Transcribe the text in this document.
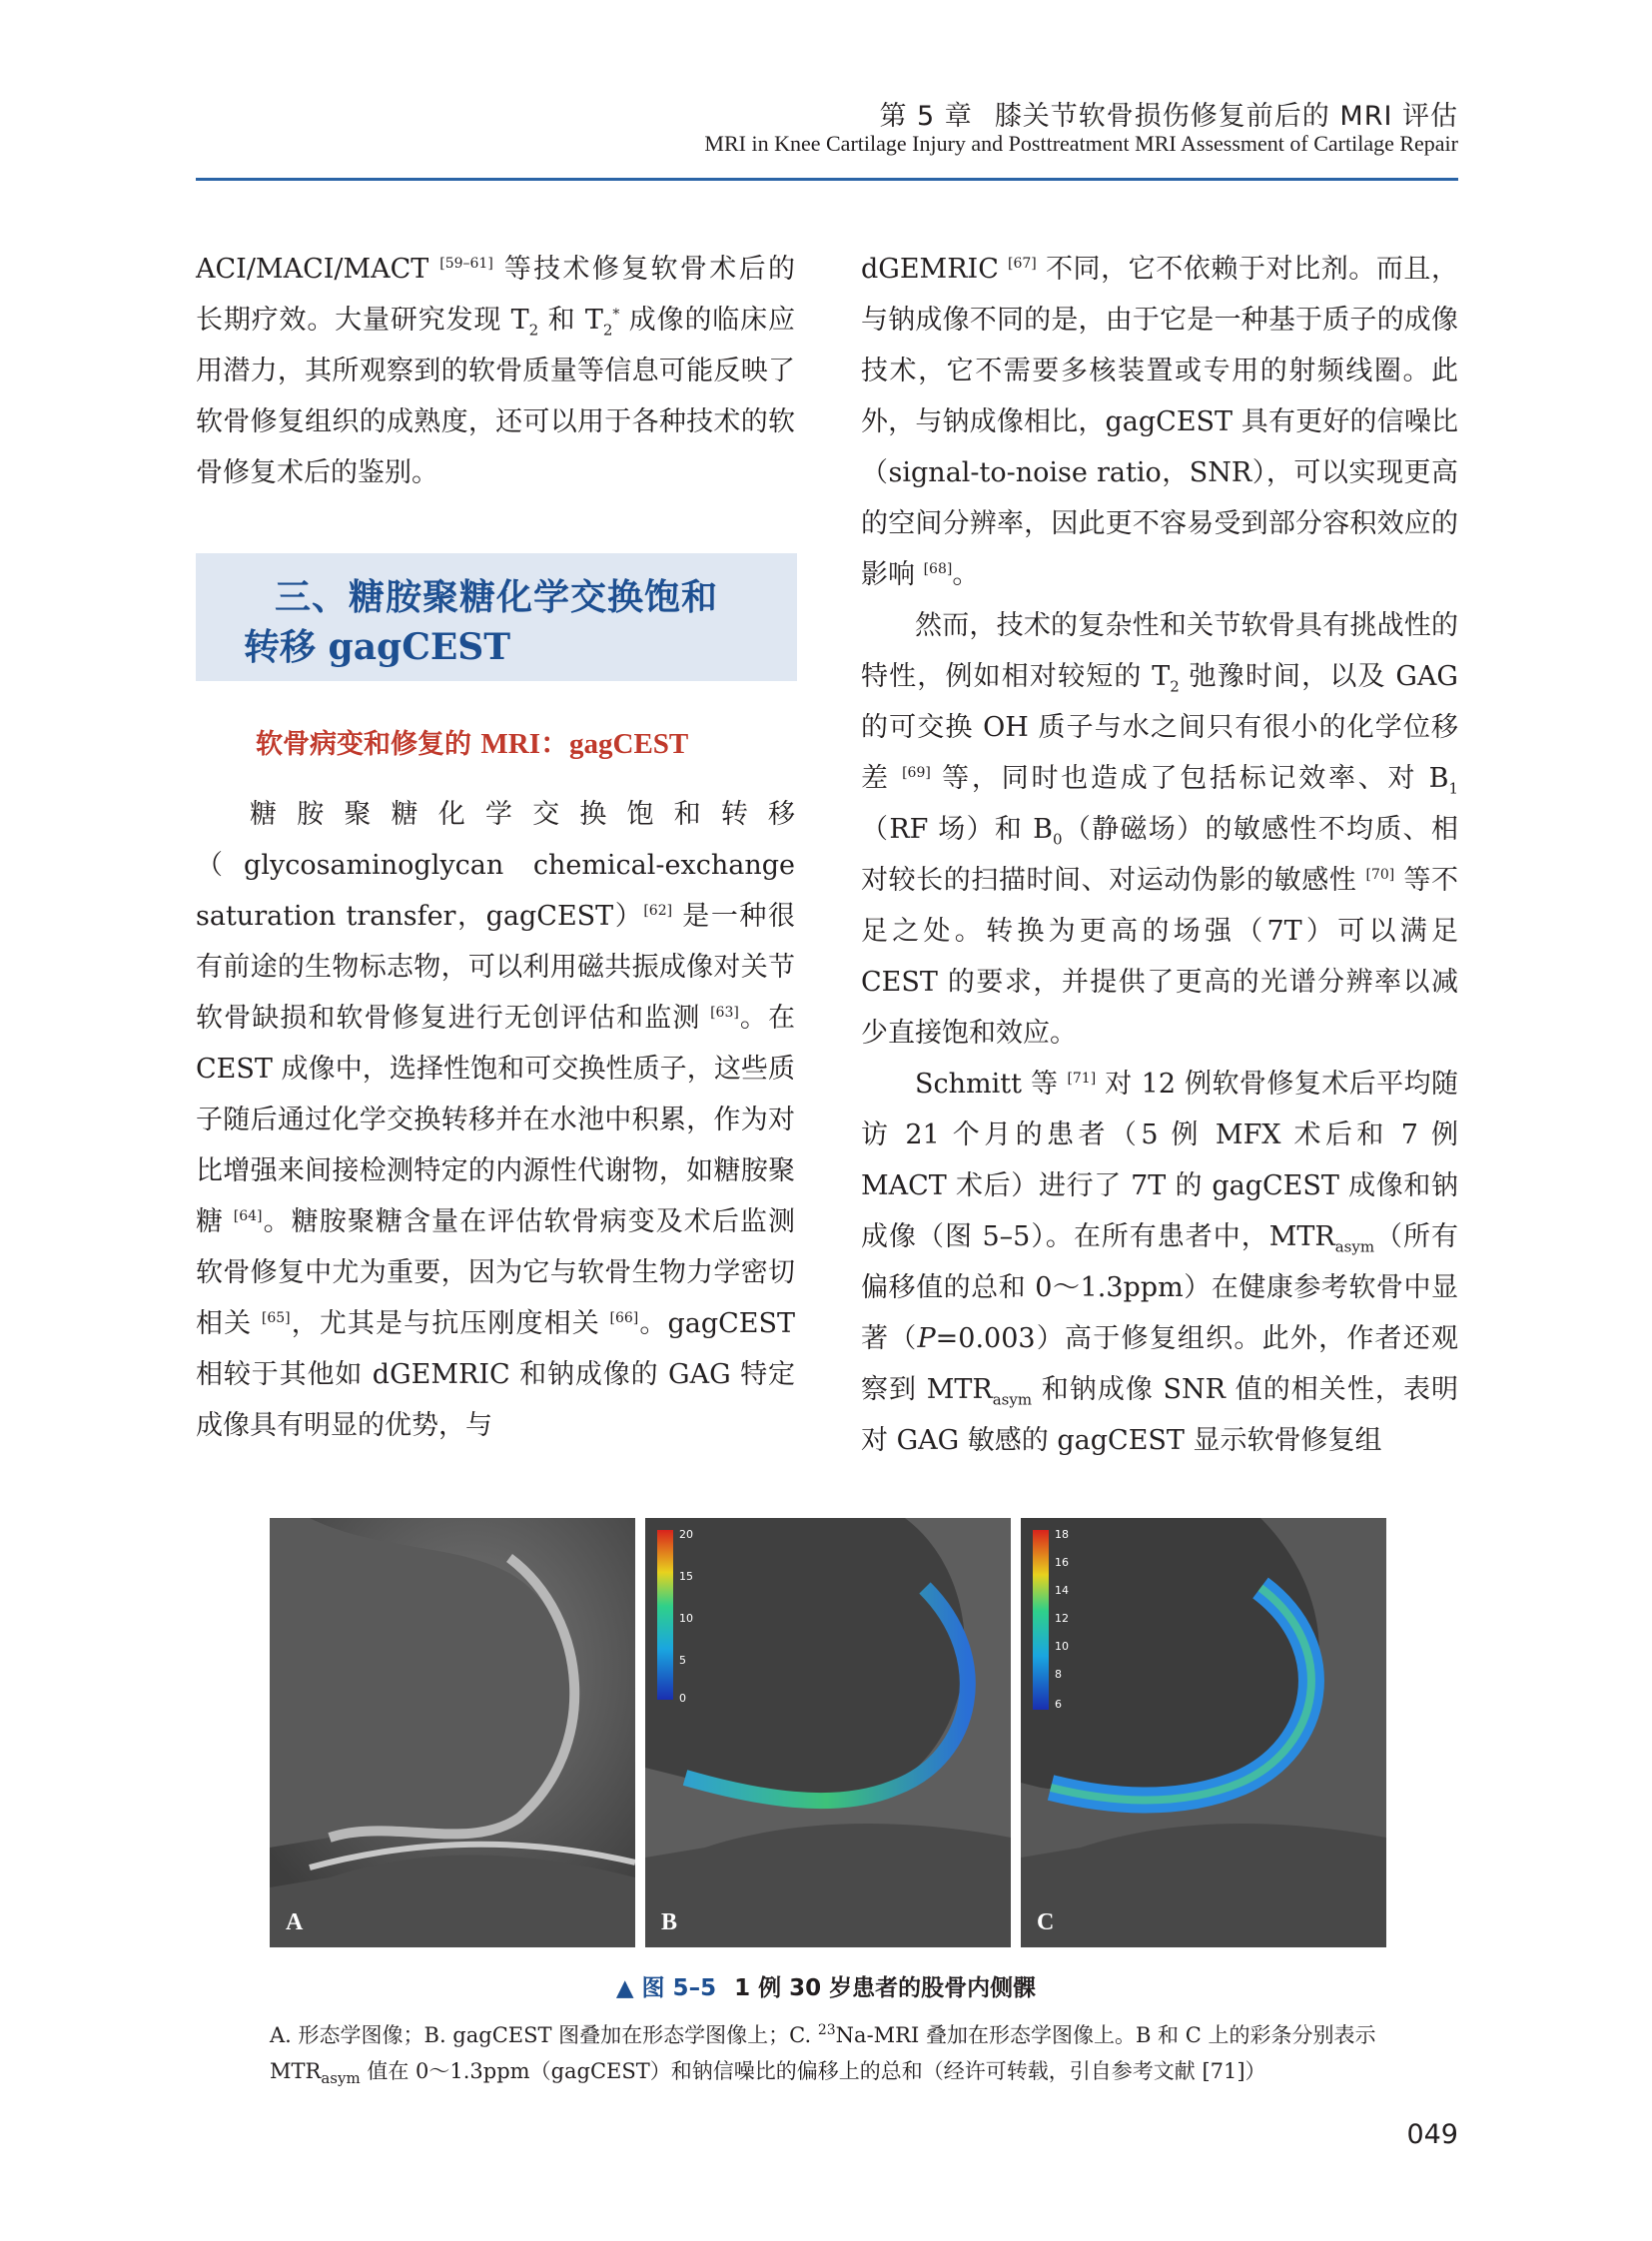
第 5 章 膝关节软骨损伤修复前后的 MRI 评估
MRI in Knee Cartilage Injury and Posttreatment MRI Assessment of Cartilage Repair

ACI/MACI/MACT [59–61] 等技术修复软骨术后的长期疗效。大量研究发现 $T_2$ 和 $T_2^*$ 成像的临床应用潜力，其所观察到的软骨质量等信息可能反映了软骨修复组织的成熟度，还可以用于各种技术的软骨修复术后的鉴别。

三、糖胺聚糖化学交换饱和
转移 gagCEST
软骨病变和修复的 MRI：gagCEST

糖胺聚糖化学交换饱和转移（glycosaminoglycan chemical-exchange saturation transfer，gagCEST）[62] 是一种很有前途的生物标志物，可以利用磁共振成像对关节软骨缺损和软骨修复进行无创评估和监测 [63]。在 CEST 成像中，选择性饱和可交换性质子，这些质子随后通过化学交换转移并在水池中积累，作为对比增强来间接检测特定的内源性代谢物，如糖胺聚糖 [64]。糖胺聚糖含量在评估软骨病变及术后监测软骨修复中尤为重要，因为它与软骨生物力学密切相关 [65]，尤其是与抗压刚度相关 [66]。gagCEST 相较于其他如 dGEMRIC 和钠成像的 GAG 特定成像具有明显的优势，与

dGEMRIC [67] 不同，它不依赖于对比剂。而且，与钠成像不同的是，由于它是一种基于质子的成像技术，它不需要多核装置或专用的射频线圈。此外，与钠成像相比，gagCEST 具有更好的信噪比（signal-to-noise ratio，SNR），可以实现更高的空间分辨率，因此更不容易受到部分容积效应的影响 [68]。

然而，技术的复杂性和关节软骨具有挑战性的特性，例如相对较短的 $T_2$ 弛豫时间，以及 GAG 的可交换 OH 质子与水之间只有很小的化学位移差 [69] 等，同时也造成了包括标记效率、对 $B_1(RF$ 场）和 $B_0$（静磁场）的敏感性不均质、相对较长的扫描时间、对运动伪影的敏感性 [70] 等不足之处。转换为更高的场强（7T）可以满足 CEST 的要求，并提供了更高的光谱分辨率以减少直接饱和效应。

Schmitt 等 [71] 对 12 例软骨修复术后平均随访 21 个月的患者（5 例 MFX 术后和 7 例 MACT 术后）进行了 7T 的 gagCEST 成像和钠成像（图 5–5）。在所有患者中，$MTR_{asym}$（所有偏移值的总和 0～1.3ppm）在健康参考软骨中显著（P=0.003）高于修复组织。此外，作者还观察到 $MTR_{asym}$ 和钠成像 SNR 值的相关性，表明对 GAG 敏感的 gagCEST 显示软骨修复组

A
20
15
10
5
0
B
18
16
14
12
10
8
6
C
▲ 图 5–5 1 例 30 岁患者的股骨内侧髁
A. 形态学图像；B. gagCEST 图叠加在形态学图像上；C. $^{23}$Na-MRI 叠加在形态学图像上。B 和 C 上的彩条分别表示 $MTR_{asym}$ 值在 0～1.3ppm（gagCEST）和钠信噪比的偏移上的总和（经许可转载，引自参考文献 [71]）
049
